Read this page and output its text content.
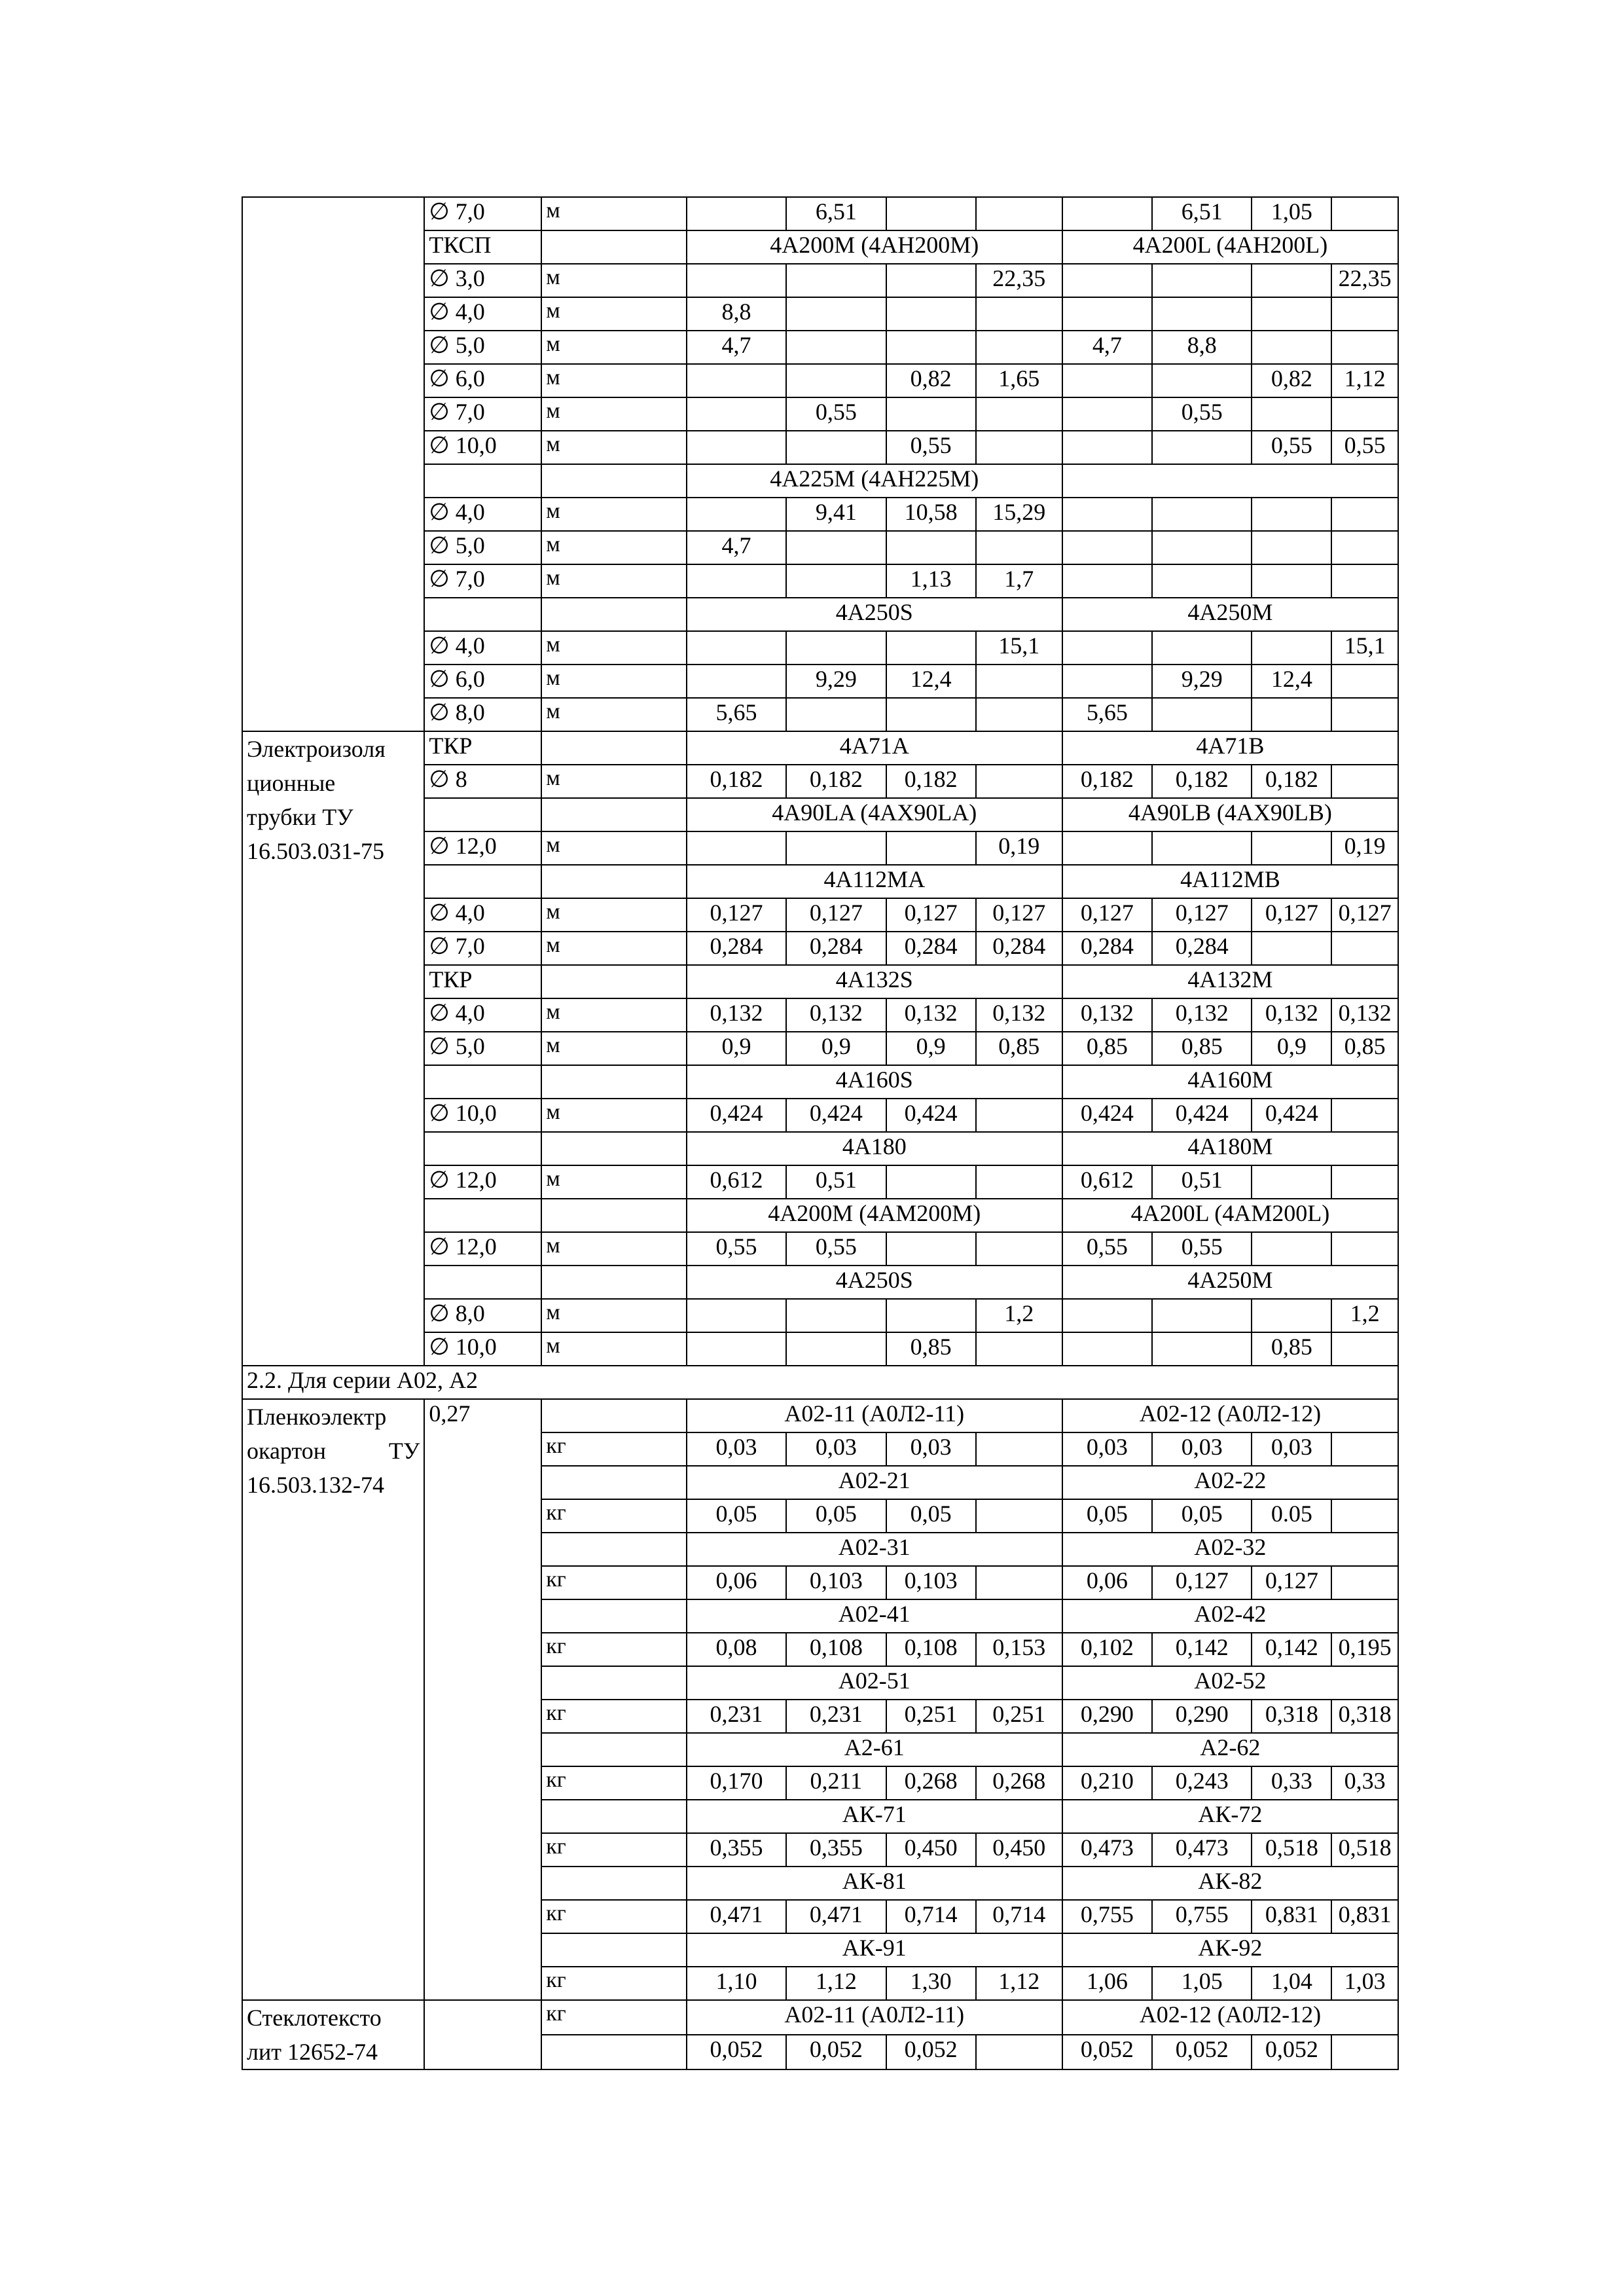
	∅ 7,0	м		6,51				6,51	1,05	
	ТКСП		4А200М (4АН200М)				4А200L (4АН200L)			
	∅ 3,0	м				22,35				22,35
	∅ 4,0	м	8,8							
	∅ 5,0	м	4,7				4,7	8,8		
	∅ 6,0	м			0,82	1,65			0,82	1,12
	∅ 7,0	м		0,55				0,55		
	∅ 10,0	м			0,55				0,55	0,55
			4А225М (4АН225М)							
	∅ 4,0	м		9,41	10,58	15,29				
	∅ 5,0	м	4,7							
	∅ 7,0	м			1,13	1,7				
			4А250S				4А250М			
	∅ 4,0	м				15,1				15,1
	∅ 6,0	м		9,29	12,4			9,29	12,4	
	∅ 8,0	м	5,65				5,65			
Электроизоля
ционные
трубки ТУ
16.503.031-75	ТКР		4А71А				4А71В			
	∅ 8	м	0,182	0,182	0,182		0,182	0,182	0,182	
			4А90LA (4АХ90LA)				4А90LB (4АХ90LB)			
	∅ 12,0	м				0,19				0,19
			4А112МА				4А112МВ			
	∅ 4,0	м	0,127	0,127	0,127	0,127	0,127	0,127	0,127	0,127
	∅ 7,0	м	0,284	0,284	0,284	0,284	0,284	0,284		
	ТКР		4А132S				4А132М			
	∅ 4,0	м	0,132	0,132	0,132	0,132	0,132	0,132	0,132	0,132
	∅ 5,0	м	0,9	0,9	0,9	0,85	0,85	0,85	0,9	0,85
			4А160S				4А160М			
	∅ 10,0	м	0,424	0,424	0,424		0,424	0,424	0,424	
			4А180				4А180М			
	∅ 12,0	м	0,612	0,51			0,612	0,51		
			4А200М (4АМ200М)				4А200L (4АМ200L)			
	∅ 12,0	м	0,55	0,55			0,55	0,55		
			4А250S				4А250М			
	∅ 8,0	м				1,2				1,2
	∅ 10,0	м			0,85				0,85	
2.2. Для серии А02, А2										
Пленкоэлектр
окартон ТУ

16.503.132-74	0,27		А02-11 (А0Л2-11)				А02-12 (А0Л2-12)			
		кг	0,03	0,03	0,03		0,03	0,03	0,03	
			А02-21				А02-22			
		кг	0,05	0,05	0,05		0,05	0,05	0.05	
			А02-31				А02-32			
		кг	0,06	0,103	0,103		0,06	0,127	0,127	
			А02-41				А02-42			
		кг	0,08	0,108	0,108	0,153	0,102	0,142	0,142	0,195
			А02-51				А02-52			
		кг	0,231	0,231	0,251	0,251	0,290	0,290	0,318	0,318
			А2-61				А2-62			
		кг	0,170	0,211	0,268	0,268	0,210	0,243	0,33	0,33
			АК-71				АК-72			
		кг	0,355	0,355	0,450	0,450	0,473	0,473	0,518	0,518
			АК-81				АК-82			
		кг	0,471	0,471	0,714	0,714	0,755	0,755	0,831	0,831
			АК-91				АК-92			
		кг	1,10	1,12	1,30	1,12	1,06	1,05	1,04	1,03
Стеклотексто
лит 12652-74		кг	А02-11 (А0Л2-11)				А02-12 (А0Л2-12)			
			0,052	0,052	0,052		0,052	0,052	0,052	
